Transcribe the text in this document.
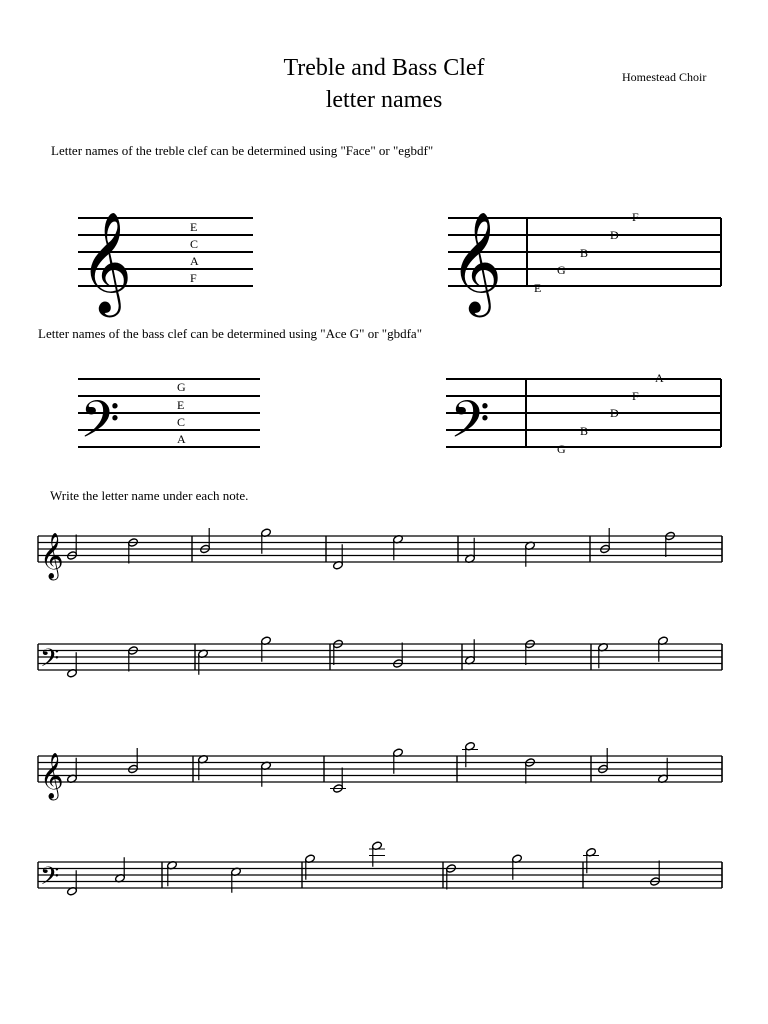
Treble and Bass Clef
letter names
Homestead Choir
Letter names of the treble clef can be determined using "Face" or "egbdf"
Letter names of the bass clef can be determined using "Ace G" or "gbdfa"
Write the letter name under each note.
𝄞	𝄞
𝄢	𝄢
E
C
A
F
F
D
B
G
E
G
E
C
A
A
F
D
B
G
𝄞
𝄢
𝄞
𝄢
